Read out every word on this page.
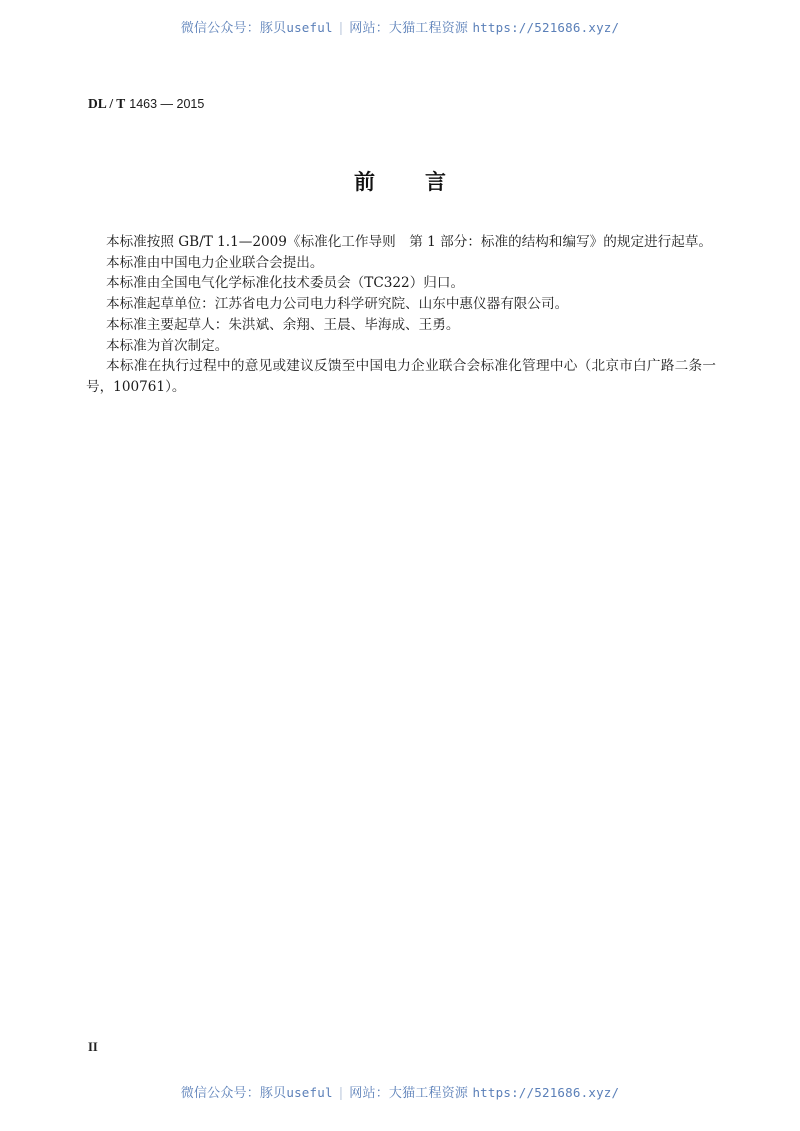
微信公众号：豚贝useful | 网站：大猫工程资源 https://521686.xyz/
DL / T 1463 — 2015
前 言

本标准按照 GB/T 1.1—2009《标准化工作导则　第 1 部分：标准的结构和编写》的规定进行起草。

本标准由中国电力企业联合会提出。

本标准由全国电气化学标准化技术委员会（TC322）归口。

本标准起草单位：江苏省电力公司电力科学研究院、山东中惠仪器有限公司。

本标准主要起草人：朱洪斌、余翔、王晨、毕海成、王勇。

本标准为首次制定。

本标准在执行过程中的意见或建议反馈至中国电力企业联合会标准化管理中心（北京市白广路二条一号，100761）。

II
微信公众号：豚贝useful | 网站：大猫工程资源 https://521686.xyz/
